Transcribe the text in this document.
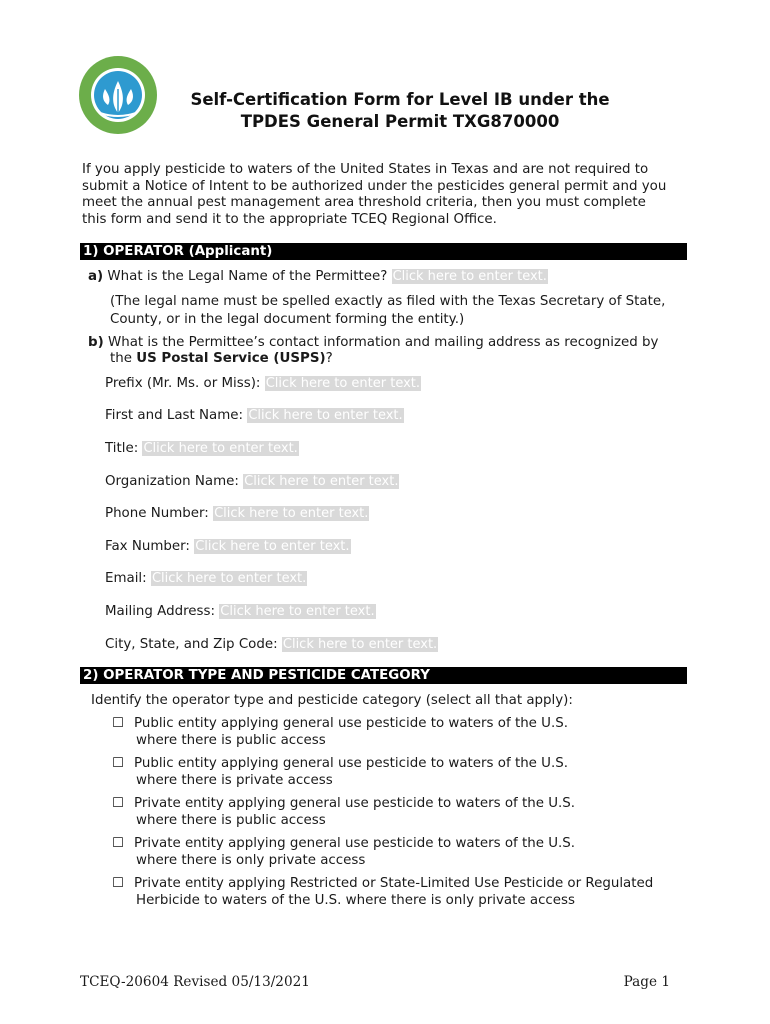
Self-Certification Form for Level IB under the
TPDES General Permit TXG870000
If you apply pesticide to waters of the United States in Texas and are not required to
submit a Notice of Intent to be authorized under the pesticides general permit and you
meet the annual pest management area threshold criteria, then you must complete
this form and send it to the appropriate TCEQ Regional Office.
1) OPERATOR (Applicant)
a) What is the Legal Name of the Permittee? Click here to enter text.
(The legal name must be spelled exactly as filed with the Texas Secretary of State,
County, or in the legal document forming the entity.)
b) What is the Permittee’s contact information and mailing address as recognized by
the US Postal Service (USPS)?
Prefix (Mr. Ms. or Miss): Click here to enter text.
First and Last Name: Click here to enter text.
Title: Click here to enter text.
Organization Name: Click here to enter text.
Phone Number: Click here to enter text.
Fax Number: Click here to enter text.
Email: Click here to enter text.
Mailing Address: Click here to enter text.
City, State, and Zip Code: Click here to enter text.
2) OPERATOR TYPE AND PESTICIDE CATEGORY
Identify the operator type and pesticide category (select all that apply):
☐ Public entity applying general use pesticide to waters of the U.S.
where there is public access
☐ Public entity applying general use pesticide to waters of the U.S.
where there is private access
☐ Private entity applying general use pesticide to waters of the U.S.
where there is public access
☐ Private entity applying general use pesticide to waters of the U.S.
where there is only private access
☐ Private entity applying Restricted or State-Limited Use Pesticide or Regulated
Herbicide to waters of the U.S. where there is only private access
TCEQ-20604 Revised 05/13/2021	Page 1
